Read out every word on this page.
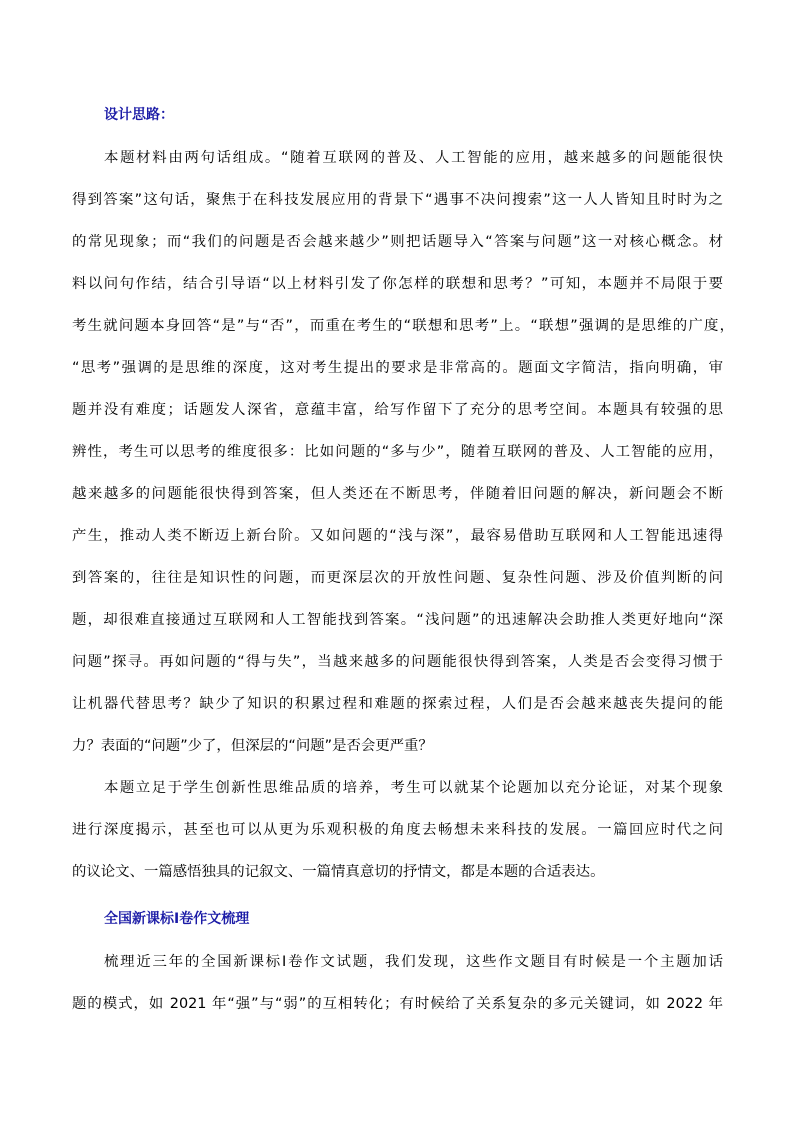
设计思路：
本题材料由两句话组成。“随着互联网的普及、人工智能的应用，越来越多的问题能很快
得到答案”这句话，聚焦于在科技发展应用的背景下“遇事不决问搜索”这一人人皆知且时时为之
的常见现象；而“我们的问题是否会越来越少”则把话题导入“答案与问题”这一对核心概念。材
料以问句作结，结合引导语“以上材料引发了你怎样的联想和思考？”可知，本题并不局限于要
考生就问题本身回答“是”与“否”，而重在考生的“联想和思考”上。“联想”强调的是思维的广度，
“思考”强调的是思维的深度，这对考生提出的要求是非常高的。题面文字简洁，指向明确，审
题并没有难度；话题发人深省，意蕴丰富，给写作留下了充分的思考空间。本题具有较强的思
辨性，考生可以思考的维度很多：比如问题的“多与少”，随着互联网的普及、人工智能的应用，
越来越多的问题能很快得到答案，但人类还在不断思考，伴随着旧问题的解决，新问题会不断
产生，推动人类不断迈上新台阶。又如问题的“浅与深”，最容易借助互联网和人工智能迅速得
到答案的，往往是知识性的问题，而更深层次的开放性问题、复杂性问题、涉及价值判断的问
题，却很难直接通过互联网和人工智能找到答案。“浅问题”的迅速解决会助推人类更好地向“深
问题”探寻。再如问题的“得与失”，当越来越多的问题能很快得到答案，人类是否会变得习惯于
让机器代替思考？缺少了知识的积累过程和难题的探索过程，人们是否会越来越丧失提问的能
力？表面的“问题”少了，但深层的“问题”是否会更严重？
本题立足于学生创新性思维品质的培养，考生可以就某个论题加以充分论证，对某个现象
进行深度揭示，甚至也可以从更为乐观积极的角度去畅想未来科技的发展。一篇回应时代之问
的议论文、一篇感悟独具的记叙文、一篇情真意切的抒情文，都是本题的合适表达。
全国新课标I卷作文梳理
梳理近三年的全国新课标I卷作文试题，我们发现，这些作文题目有时候是一个主题加话
题的模式，如 2021 年“强”与“弱”的互相转化；有时候给了关系复杂的多元关键词，如 2022 年
